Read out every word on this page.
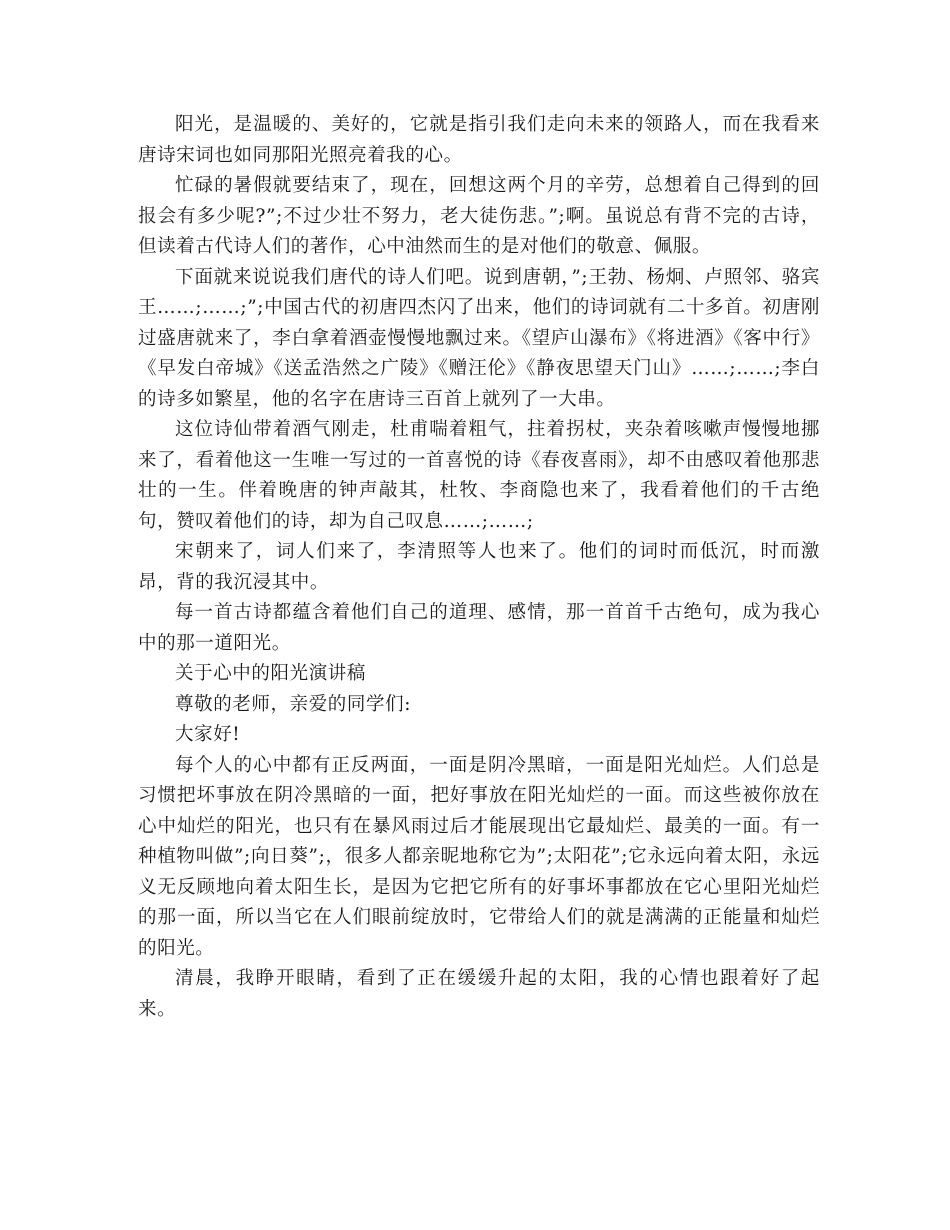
阳光，是温暖的、美好的，它就是指引我们走向未来的领路人，而在我看来唐诗宋词也如同那阳光照亮着我的心。

忙碌的暑假就要结束了，现在，回想这两个月的辛劳，总想着自己得到的回报会有多少呢?”;不过少壮不努力，老大徒伤悲。”;啊。虽说总有背不完的古诗，但读着古代诗人们的著作，心中油然而生的是对他们的敬意、佩服。

下面就来说说我们唐代的诗人们吧。说到唐朝，”;王勃、杨炯、卢照邻、骆宾王……;……;”;中国古代的初唐四杰闪了出来，他们的诗词就有二十多首。初唐刚过盛唐就来了，李白拿着酒壶慢慢地飘过来。《望庐山瀑布》《将进酒》《客中行》《早发白帝城》《送孟浩然之广陵》《赠汪伦》《静夜思望天门山》……;……;李白的诗多如繁星，他的名字在唐诗三百首上就列了一大串。

这位诗仙带着酒气刚走，杜甫喘着粗气，拄着拐杖，夹杂着咳嗽声慢慢地挪来了，看着他这一生唯一写过的一首喜悦的诗《春夜喜雨》，却不由感叹着他那悲壮的一生。伴着晚唐的钟声敲其，杜牧、李商隐也来了，我看着他们的千古绝句，赞叹着他们的诗，却为自己叹息……;……;

宋朝来了，词人们来了，李清照等人也来了。他们的词时而低沉，时而激昂，背的我沉浸其中。

每一首古诗都蕴含着他们自己的道理、感情，那一首首千古绝句，成为我心中的那一道阳光。

关于心中的阳光演讲稿

尊敬的老师，亲爱的同学们:

大家好!

每个人的心中都有正反两面，一面是阴冷黑暗，一面是阳光灿烂。人们总是习惯把坏事放在阴冷黑暗的一面，把好事放在阳光灿烂的一面。而这些被你放在心中灿烂的阳光，也只有在暴风雨过后才能展现出它最灿烂、最美的一面。有一种植物叫做”;向日葵”;，很多人都亲昵地称它为”;太阳花”;它永远向着太阳，永远义无反顾地向着太阳生长，是因为它把它所有的好事坏事都放在它心里阳光灿烂的那一面，所以当它在人们眼前绽放时，它带给人们的就是满满的正能量和灿烂的阳光。

清晨，我睁开眼睛，看到了正在缓缓升起的太阳，我的心情也跟着好了起来。
